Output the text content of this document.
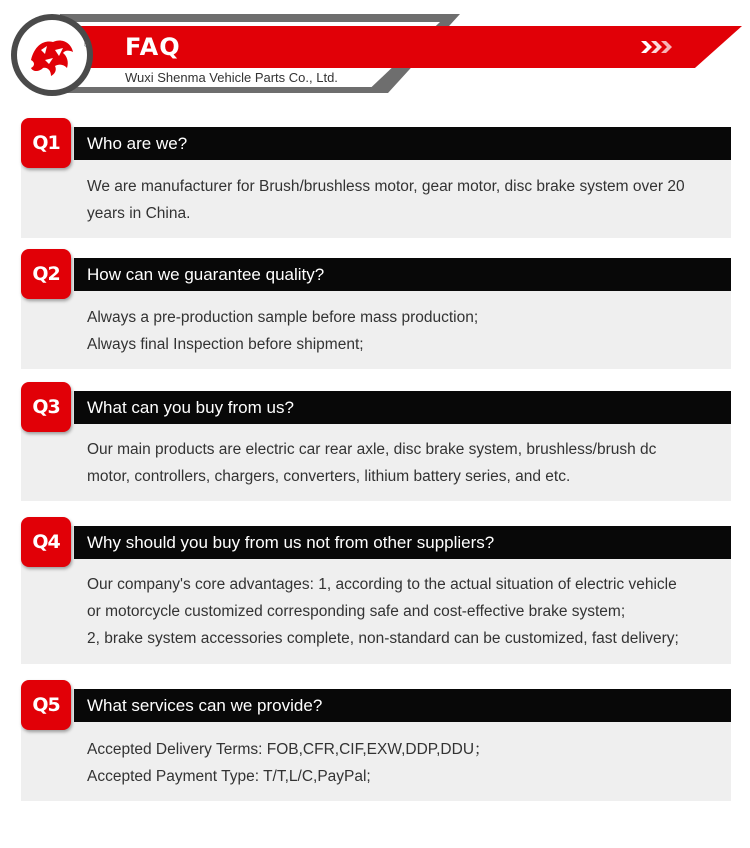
FAQ
Wuxi Shenma Vehicle Parts Co., Ltd.
®
Who are we?
Q1
We are manufacturer for Brush/brushless motor, gear motor, disc brake system over 20
years in China.
How can we guarantee quality?
Q2
Always a pre-production sample before mass production;
Always final Inspection before shipment;
What can you buy from us?
Q3
Our main products are electric car rear axle, disc brake system, brushless/brush dc
motor, controllers, chargers, converters, lithium battery series, and etc.
Why should you buy from us not from other suppliers?
Q4
Our company's core advantages: 1, according to the actual situation of electric vehicle
or motorcycle customized corresponding safe and cost-effective brake system;
2, brake system accessories complete, non-standard can be customized, fast delivery;
What services can we provide?
Q5
Accepted Delivery Terms: FOB,CFR,CIF,EXW,DDP,DDU；
Accepted Payment Type: T/T,L/C,PayPal;
